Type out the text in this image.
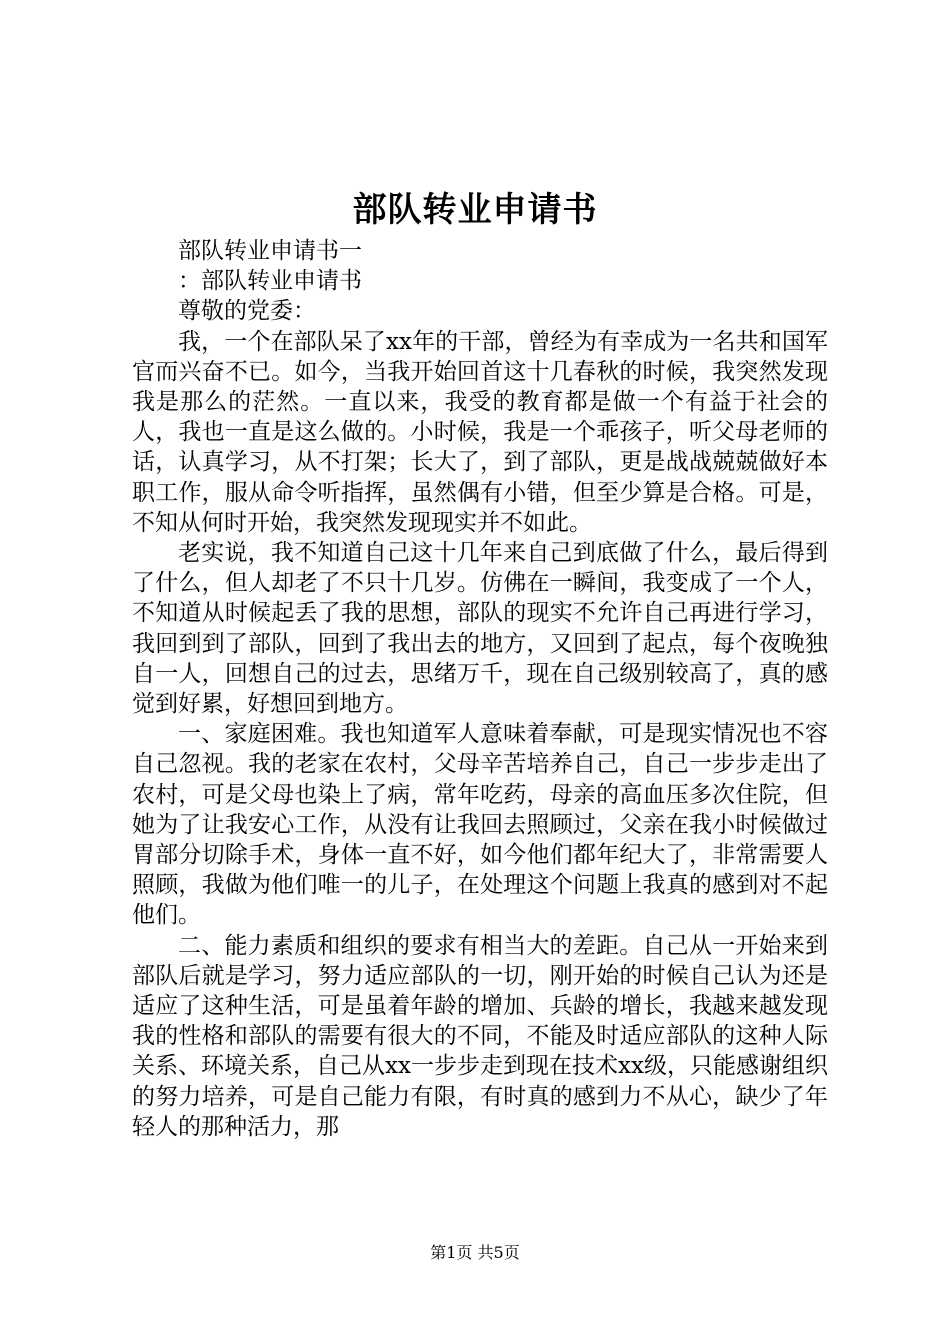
部队转业申请书

部队转业申请书一

：部队转业申请书

尊敬的党委：

我，一个在部队呆了xx年的干部，曾经为有幸成为一名共和国军官而兴奋不已。如今，当我开始回首这十几春秋的时候，我突然发现我是那么的茫然。一直以来，我受的教育都是做一个有益于社会的人，我也一直是这么做的。小时候，我是一个乖孩子，听父母老师的话，认真学习，从不打架；长大了，到了部队，更是战战兢兢做好本职工作，服从命令听指挥，虽然偶有小错，但至少算是合格。可是，不知从何时开始，我突然发现现实并不如此。

老实说，我不知道自己这十几年来自己到底做了什么，最后得到了什么，但人却老了不只十几岁。仿佛在一瞬间，我变成了一个人，不知道从时候起丢了我的思想，部队的现实不允许自己再进行学习，我回到到了部队，回到了我出去的地方，又回到了起点，每个夜晚独自一人，回想自己的过去，思绪万千，现在自己级别较高了，真的感觉到好累，好想回到地方。

一、家庭困难。我也知道军人意味着奉献，可是现实情况也不容自己忽视。我的老家在农村，父母辛苦培养自己，自己一步步走出了农村，可是父母也染上了病，常年吃药，母亲的高血压多次住院，但她为了让我安心工作，从没有让我回去照顾过，父亲在我小时候做过胃部分切除手术，身体一直不好，如今他们都年纪大了，非常需要人照顾，我做为他们唯一的儿子，在处理这个问题上我真的感到对不起他们。

二、能力素质和组织的要求有相当大的差距。自己从一开始来到部队后就是学习，努力适应部队的一切，刚开始的时候自己认为还是适应了这种生活，可是虽着年龄的增加、兵龄的增长，我越来越发现我的性格和部队的需要有很大的不同，不能及时适应部队的这种人际关系、环境关系，自己从xx一步步走到现在技术xx级，只能感谢组织的努力培养，可是自己能力有限，有时真的感到力不从心，缺少了年轻人的那种活力，那

第1页 共5页
